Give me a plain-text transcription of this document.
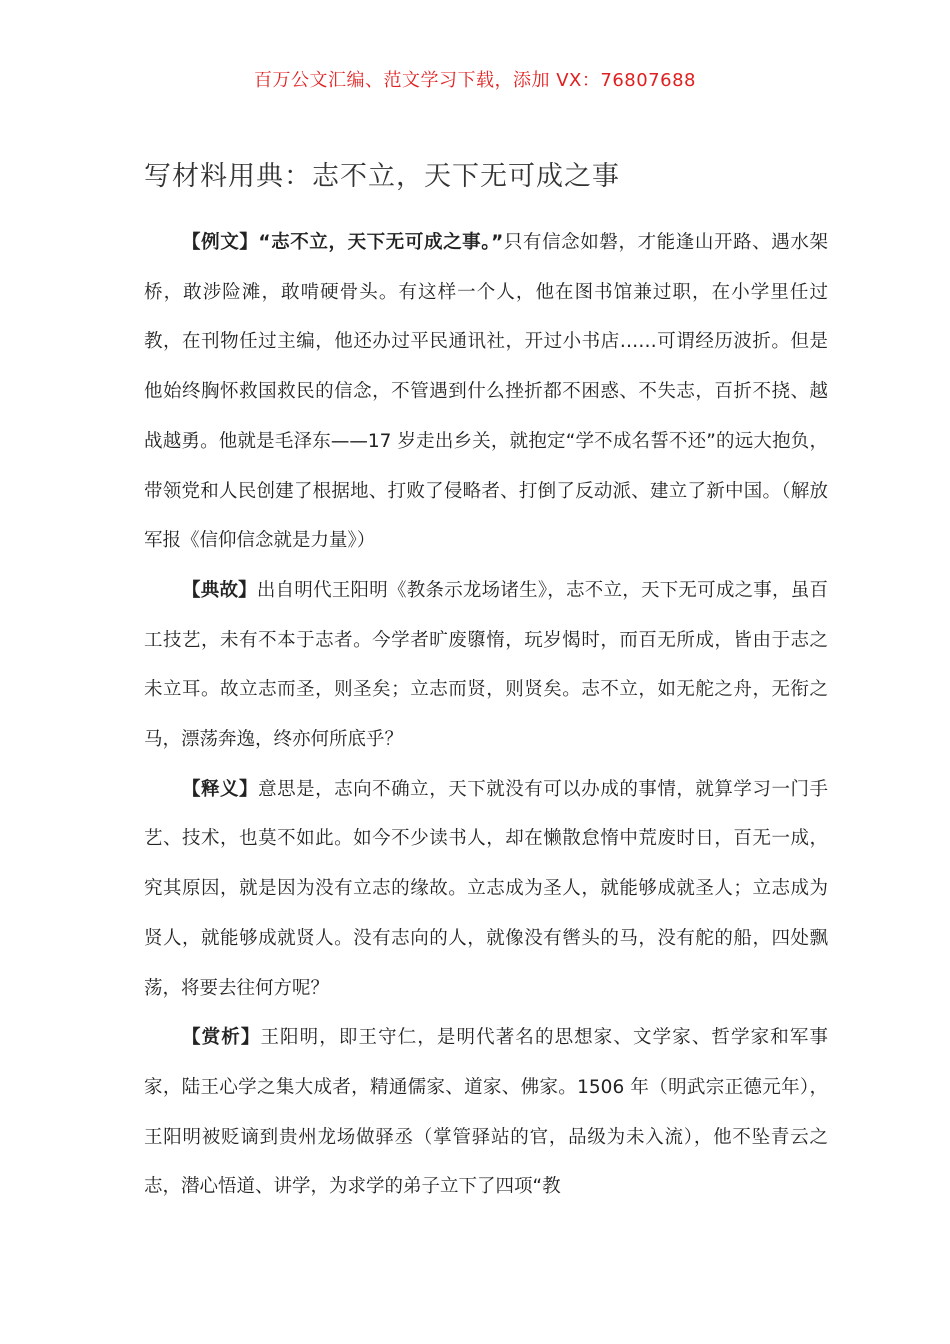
百万公文汇编、范文学习下载，添加 VX：76807688
写材料用典：志不立，天下无可成之事

【例文】“志不立，天下无可成之事。”只有信念如磐，才能逢山开路、遇水架桥，敢涉险滩，敢啃硬骨头。有这样一个人，他在图书馆兼过职，在小学里任过教，在刊物任过主编，他还办过平民通讯社，开过小书店……可谓经历波折。但是他始终胸怀救国救民的信念，不管遇到什么挫折都不困惑、不失志，百折不挠、越战越勇。他就是毛泽东——17 岁走出乡关，就抱定“学不成名誓不还”的远大抱负，带领党和人民创建了根据地、打败了侵略者、打倒了反动派、建立了新中国。（解放军报《信仰信念就是力量》）

【典故】出自明代王阳明《教条示龙场诸生》，志不立，天下无可成之事，虽百工技艺，未有不本于志者。今学者旷废隳惰，玩岁愒时，而百无所成，皆由于志之未立耳。故立志而圣，则圣矣；立志而贤，则贤矣。志不立，如无舵之舟，无衔之马，漂荡奔逸，终亦何所底乎？

【释义】意思是，志向不确立，天下就没有可以办成的事情，就算学习一门手艺、技术，也莫不如此。如今不少读书人，却在懒散怠惰中荒废时日，百无一成，究其原因，就是因为没有立志的缘故。立志成为圣人，就能够成就圣人；立志成为贤人，就能够成就贤人。没有志向的人，就像没有辔头的马，没有舵的船，四处飘荡，将要去往何方呢？

【赏析】王阳明，即王守仁，是明代著名的思想家、文学家、哲学家和军事家，陆王心学之集大成者，精通儒家、道家、佛家。1506 年（明武宗正德元年），王阳明被贬谪到贵州龙场做驿丞（掌管驿站的官，品级为未入流），他不坠青云之志，潜心悟道、讲学，为求学的弟子立下了四项“教
